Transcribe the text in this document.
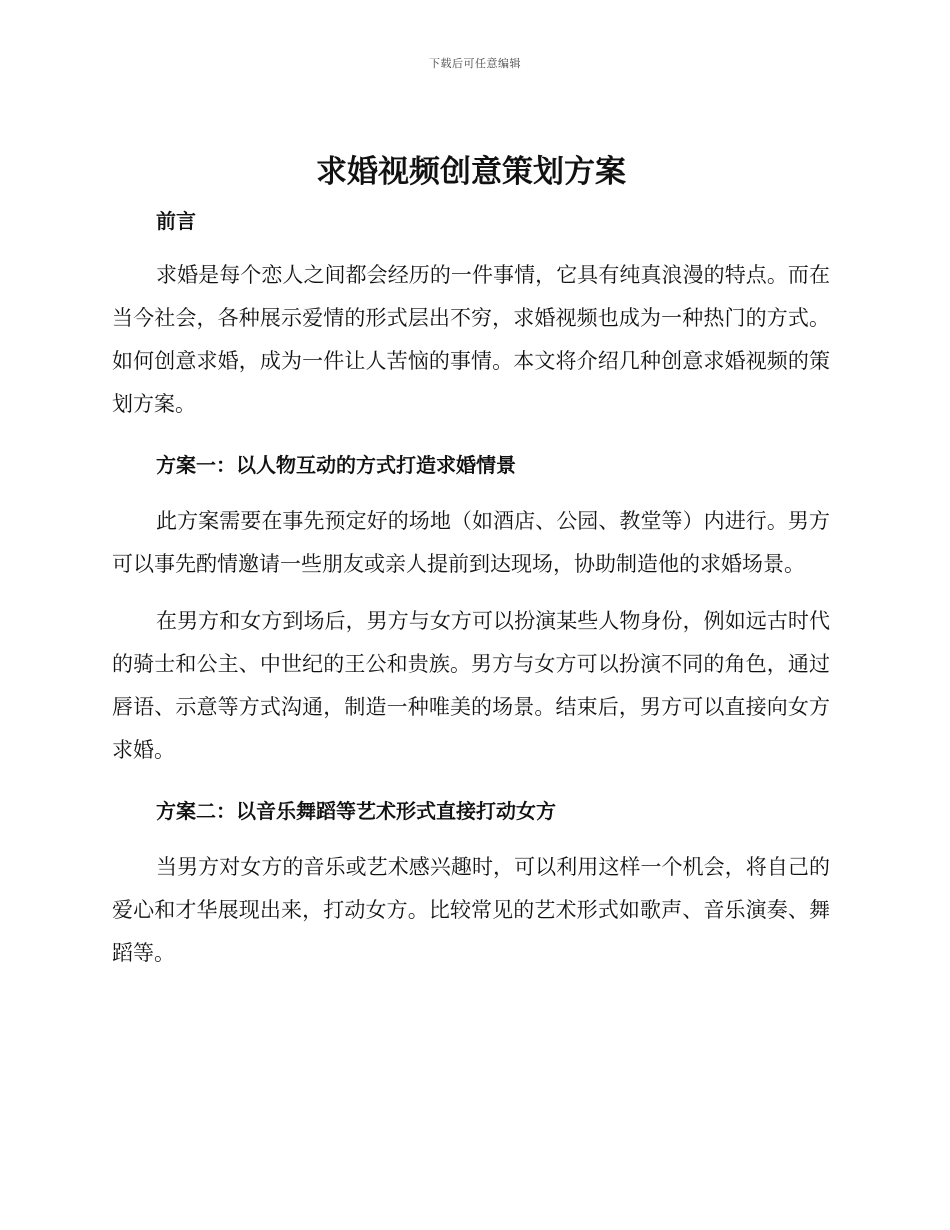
下载后可任意编辑
求婚视频创意策划方案
前言

求婚是每个恋人之间都会经历的一件事情，它具有纯真浪漫的特点。而在当今社会，各种展示爱情的形式层出不穷，求婚视频也成为一种热门的方式。如何创意求婚，成为一件让人苦恼的事情。本文将介绍几种创意求婚视频的策划方案。

方案一：以人物互动的方式打造求婚情景

此方案需要在事先预定好的场地（如酒店、公园、教堂等）内进行。男方可以事先酌情邀请一些朋友或亲人提前到达现场，协助制造他的求婚场景。

在男方和女方到场后，男方与女方可以扮演某些人物身份，例如远古时代的骑士和公主、中世纪的王公和贵族。男方与女方可以扮演不同的角色，通过唇语、示意等方式沟通，制造一种唯美的场景。结束后，男方可以直接向女方求婚。

方案二：以音乐舞蹈等艺术形式直接打动女方

当男方对女方的音乐或艺术感兴趣时，可以利用这样一个机会，将自己的爱心和才华展现出来，打动女方。比较常见的艺术形式如歌声、音乐演奏、舞蹈等。
